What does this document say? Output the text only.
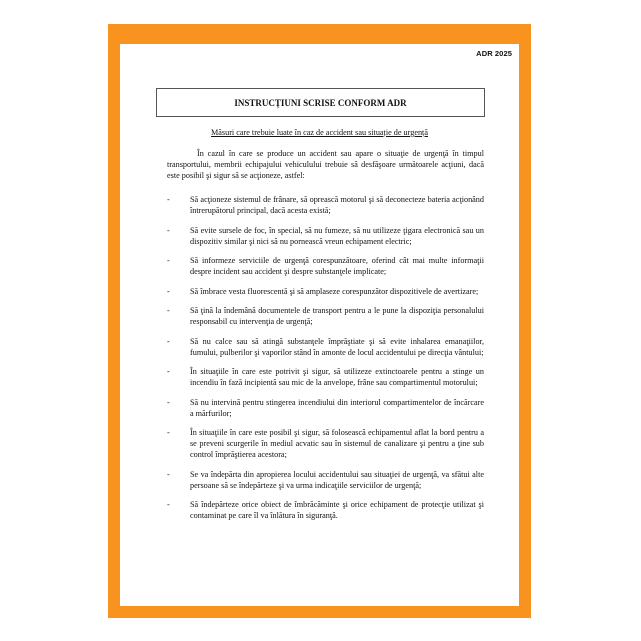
ADR 2025
INSTRUCȚIUNI SCRISE CONFORM ADR
Măsuri care trebuie luate în caz de accident sau situație de urgență

În cazul în care se produce un accident sau apare o situaţie de urgenţă în timpul transportului, membrii echipajului vehiculului trebuie să desfăşoare următoarele acţiuni, dacă este posibil şi sigur să se acţioneze, astfel:

- Să acţioneze sistemul de frânare, să oprească motorul şi să deconecteze bateria acţionând întrerupătorul principal, dacă acesta există;
- Să evite sursele de foc, în special, să nu fumeze, să nu utilizeze ţigara electronică sau un dispozitiv similar şi nici să nu pornească vreun echipament electric;
- Să informeze serviciile de urgenţă corespunzătoare, oferind cât mai multe informaţii despre incident sau accident şi despre substanţele implicate;
- Să îmbrace vesta fluorescentă şi să amplaseze corespunzător dispozitivele de avertizare;
- Să ţină la îndemână documentele de transport pentru a le pune la dispoziţia personalului responsabil cu intervenţia de urgenţă;
- Să nu calce sau să atingă substanţele împrăştiate şi să evite inhalarea emanaţiilor, fumului, pulberilor şi vaporilor stând în amonte de locul accidentului pe direcţia vântului;
- În situaţiile în care este potrivit şi sigur, să utilizeze extinctoarele pentru a stinge un incendiu în fază incipientă sau mic de la anvelope, frâne sau compartimentul motorului;
- Să nu intervină pentru stingerea incendiului din interiorul compartimentelor de încărcare a mărfurilor;
- În situaţiile în care este posibil şi sigur, să folosească echipamentul aflat la bord pentru a se preveni scurgerile în mediul acvatic sau în sistemul de canalizare şi pentru a ţine sub control împrăştierea acestora;
- Se va îndepărta din apropierea locului accidentului sau situaţiei de urgenţă, va sfătui alte persoane să se îndepărteze şi va urma indicaţiile serviciilor de urgenţă;
- Să îndepărteze orice obiect de îmbrăcăminte şi orice echipament de protecţie utilizat şi contaminat pe care îl va înlătura în siguranţă.
